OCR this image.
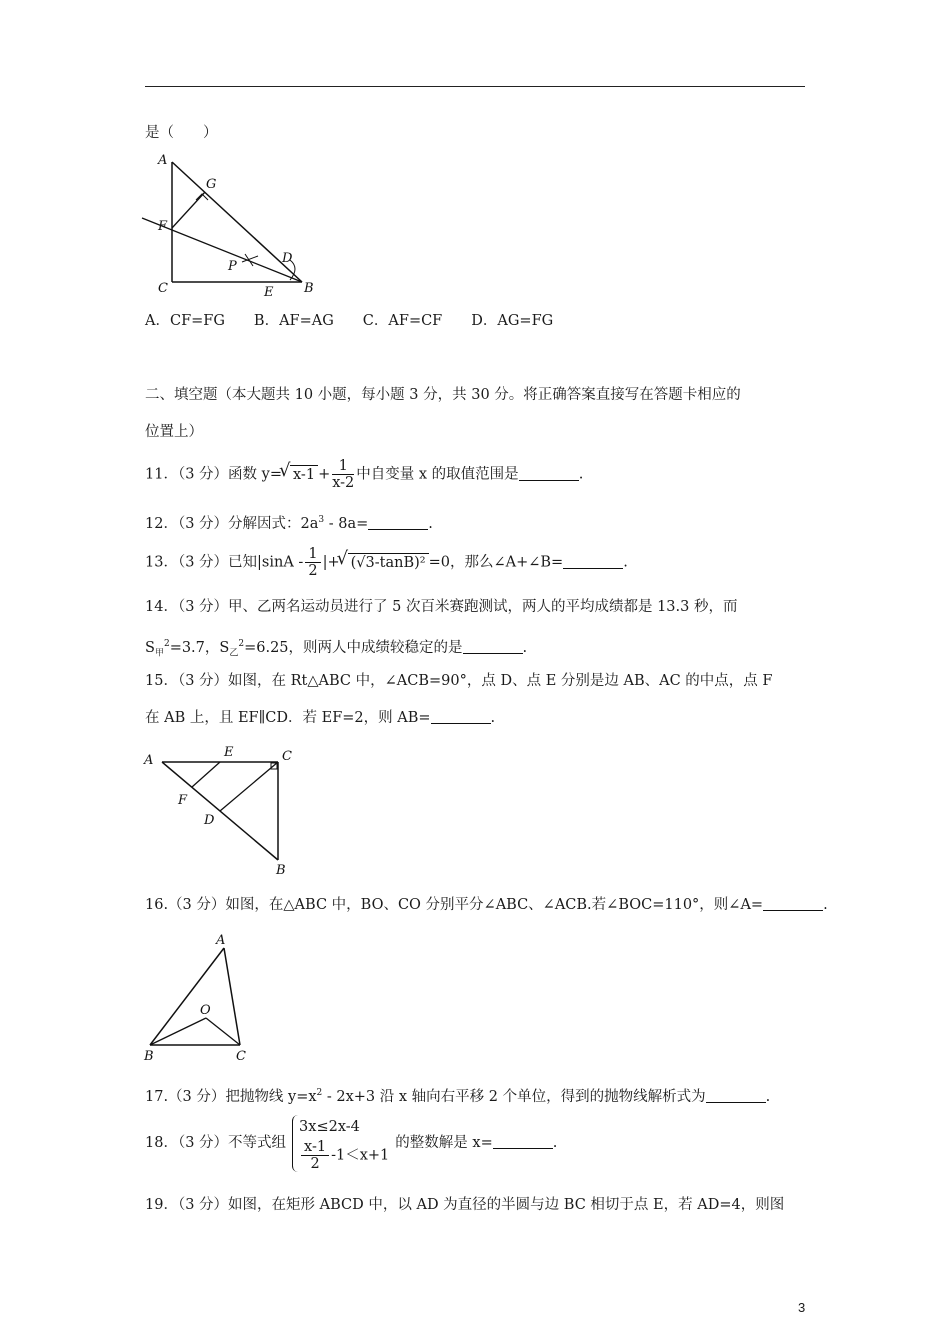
是（　　）
A
G
F
D
P
C	E B
A．CF=FG　　B．AF=AG　　C．AF=CF　　D．AG=FG
二、填空题（本大题共 10 小题，每小题 3 分，共 30 分。将正确答案直接写在答题卡相应的
位置上）
11．（3 分）函数 y= √ $x-1 + \frac{1}{x-2}$ 中自变量 x 的取值范围是	.
12．（3 分）分解因式：$2a^3 - 8a=$	.
13．（3 分）已知$|\sin A - \frac{1}{2}$ |+ √ (√3-tanB)² =0，那么∠A+∠B=	.
14．（3 分）甲、乙两名运动员进行了 5 次百米赛跑测试，两人的平均成绩都是 13.3 秒，而
$S_甲^2=3.7$，$S_乙^2=6.25$，则两人中成绩较稳定的是	.
15．（3 分）如图，在 Rt△ABC 中，∠ACB=90°，点 D、点 E 分别是边 AB、AC 的中点，点 F
在 AB 上，且 EF∥CD．若 EF=2，则 AB=	.
A
E	C
F
D
B
16.（3 分）如图，在△ABC 中，BO、CO 分别平分∠ABC、∠ACB.若∠BOC=110°，则∠A=	.
A
O
B	C
17.（3 分）把抛物线 $y=x^2 - 2x+3$ 沿 x 轴向右平移 2 个单位，得到的抛物线解析式为	.
18．（3 分）不等式组
3x≤2x-4
$\frac{x-1}{2} -1<x+1$
的整数解是 x=	.
19．（3 分）如图，在矩形 ABCD 中，以 AD 为直径的半圆与边 BC 相切于点 E，若 AD=4，则图
3
